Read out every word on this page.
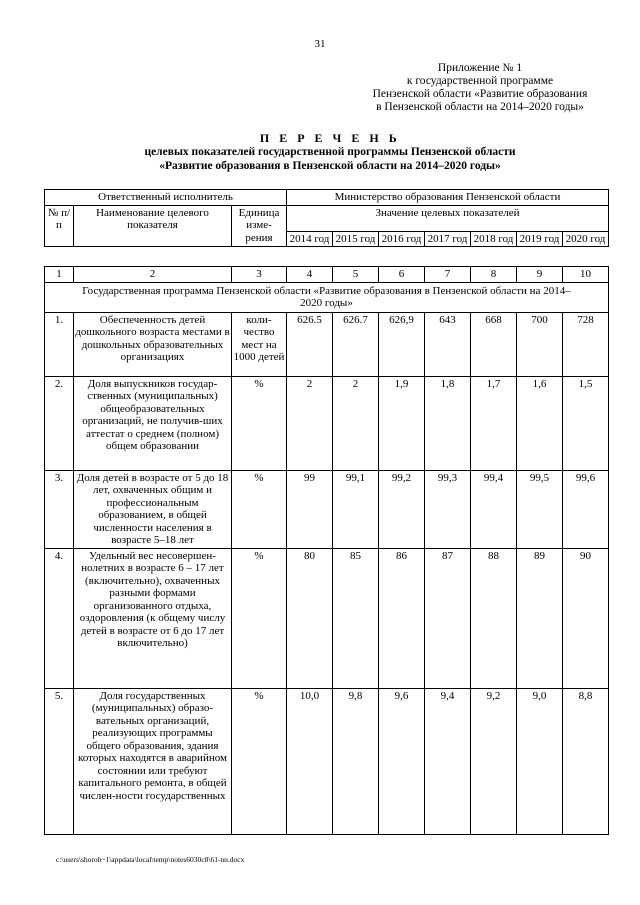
31
Приложение № 1
к государственной программе
Пензенской области «Развитие образования
в Пензенской области на 2014–2020 годы»
П Е Р Е Ч Е Н Ь
целевых показателей государственной программы Пензенской области
«Развитие образования в Пензенской области на 2014–2020 годы»
Ответственный исполнитель			Министерство образования Пензенской области						
№ п/п	Наименование целевого показателя	Единица изме-рения	Значение целевых показателей						
			2014 год	2015 год	2016 год	2017 год	2018 год	2019 год	2020 год
1	2	3	4	5	6	7	8	9	10
Государственная программа Пензенской области «Развитие образования в Пензенской области на 2014–2020 годы»									
1.	Обеспеченность детей дошкольного возраста местами в дошкольных образовательных организациях	коли-чество мест на 1000 детей	626.5	626.7	626,9	643	668	700	728
2.	Доля выпускников государ-ственных (муниципальных) общеобразовательных организаций, не получив-ших аттестат о среднем (полном) общем образовании	%	2	2	1,9	1,8	1,7	1,6	1,5
3.	Доля детей в возрасте от 5 до 18 лет, охваченных общим и профессиональным образованием, в общей численности населения в возрасте 5–18 лет	%	99	99,1	99,2	99,3	99,4	99,5	99,6
4.	Удельный вес несовершен-нолетних в возрасте 6 – 17 лет (включительно), охваченных разными формами организованного отдыха, оздоровления (к общему числу детей в возрасте от 6 до 17 лет включительно)	%	80	85	86	87	88	89	90
5.	Доля государственных (муниципальных) образо-вательных организаций, реализующих программы общего образования, здания которых находятся в аварийном состоянии или требуют капитального ремонта, в общей числен-ности государственных	%	10,0	9,8	9,6	9,4	9,2	9,0	8,8
c:\users\shoroh~1\appdata\local\temp\notes6030c8\61-nn.docx
